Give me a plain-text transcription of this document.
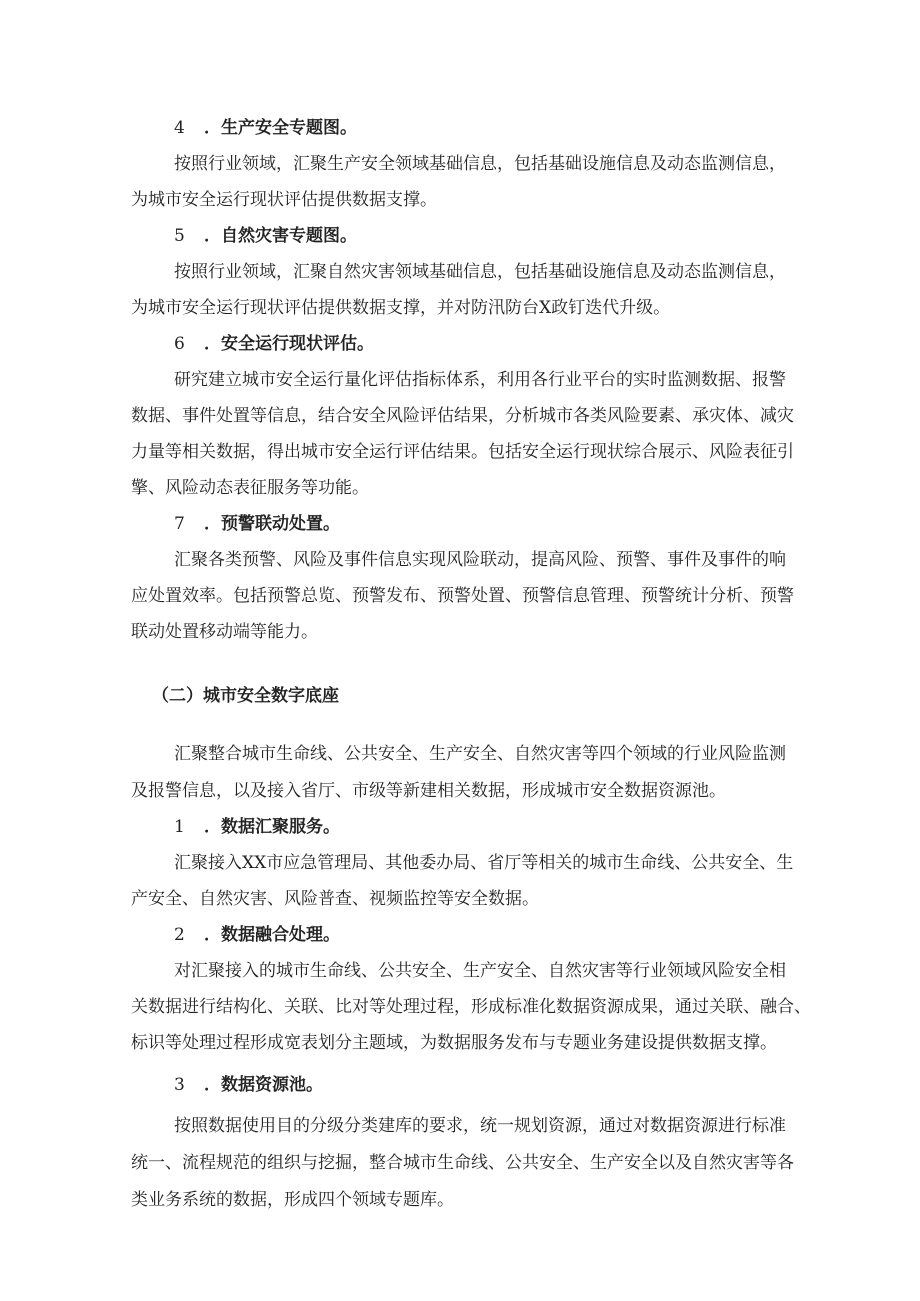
4 ．生产安全专题图。
按照行业领域，汇聚生产安全领域基础信息，包括基础设施信息及动态监测信息，
为城市安全运行现状评估提供数据支撑。
5 ．自然灾害专题图。
按照行业领域，汇聚自然灾害领域基础信息，包括基础设施信息及动态监测信息，
为城市安全运行现状评估提供数据支撑，并对防汛防台X政钉迭代升级。
6 ．安全运行现状评估。
研究建立城市安全运行量化评估指标体系，利用各行业平台的实时监测数据、报警
数据、事件处置等信息，结合安全风险评估结果，分析城市各类风险要素、承灾体、减灾
力量等相关数据，得出城市安全运行评估结果。包括安全运行现状综合展示、风险表征引
擎、风险动态表征服务等功能。
7 ．预警联动处置。
汇聚各类预警、风险及事件信息实现风险联动，提高风险、预警、事件及事件的响
应处置效率。包括预警总览、预警发布、预警处置、预警信息管理、预警统计分析、预警
联动处置移动端等能力。
（二）城市安全数字底座
汇聚整合城市生命线、公共安全、生产安全、自然灾害等四个领域的行业风险监测
及报警信息，以及接入省厅、市级等新建相关数据，形成城市安全数据资源池。
1 ．数据汇聚服务。
汇聚接入XX市应急管理局、其他委办局、省厅等相关的城市生命线、公共安全、生
产安全、自然灾害、风险普查、视频监控等安全数据。
2 ．数据融合处理。
对汇聚接入的城市生命线、公共安全、生产安全、自然灾害等行业领域风险安全相
关数据进行结构化、关联、比对等处理过程，形成标准化数据资源成果，通过关联、融合、
标识等处理过程形成宽表划分主题域，为数据服务发布与专题业务建设提供数据支撑。
3 ．数据资源池。
按照数据使用目的分级分类建库的要求，统一规划资源，通过对数据资源进行标准
统一、流程规范的组织与挖掘，整合城市生命线、公共安全、生产安全以及自然灾害等各
类业务系统的数据，形成四个领域专题库。
